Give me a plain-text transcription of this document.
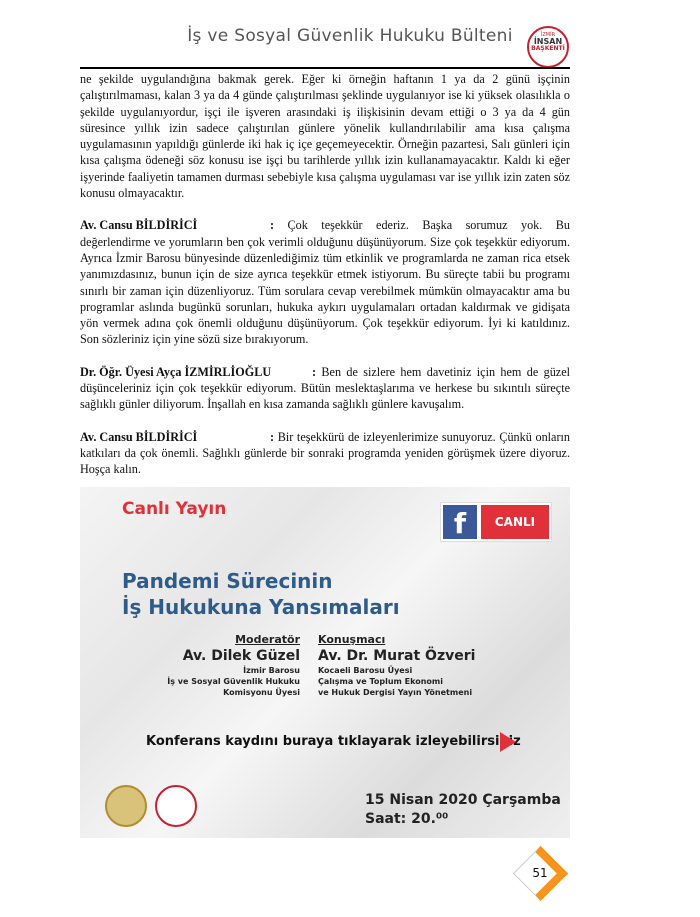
İş ve Sosyal Güvenlik Hukuku Bülteni	İZMİR
İNSAN
BAŞKENTİ

ne şekilde uygulandığına bakmak gerek. Eğer ki örneğin haftanın 1 ya da 2 günü işçinin çalıştırılmaması, kalan 3 ya da 4 günde çalıştırılması şeklinde uygulanıyor ise ki yüksek olasılıkla o şekilde uygulanıyordur, işçi ile işveren arasındaki iş ilişkisinin devam ettiği o 3 ya da 4 gün süresince yıllık izin sadece çalıştırılan günlere yönelik kullandırılabilir ama kısa çalışma uygulamasının yapıldığı günlerde iki hak iç içe geçemeyecektir. Örneğin pazartesi, Salı günleri için kısa çalışma ödeneği söz konusu ise işçi bu tarihlerde yıllık izin kullanamayacaktır. Kaldı ki eğer işyerinde faaliyetin tamamen durması sebebiyle kısa çalışma uygulaması var ise yıllık izin zaten söz konusu olmayacaktır.

Av. Cansu BİLDİRİCİ	: Çok teşekkür ederiz. Başka sorumuz yok. Bu değerlendirme ve yorumların ben çok verimli olduğunu düşünüyorum. Size çok teşekkür ediyorum. Ayrıca İzmir Barosu bünyesinde düzenlediğimiz tüm etkinlik ve programlarda ne zaman rica etsek yanımızdasınız, bunun için de size ayrıca teşekkür etmek istiyorum. Bu süreçte tabii bu programı sınırlı bir zaman için düzenliyoruz. Tüm sorulara cevap verebilmek mümkün olmayacaktır ama bu programlar aslında bugünkü sorunları, hukuka aykırı uygulamaları ortadan kaldırmak ve gidişata yön vermek adına çok önemli olduğunu düşünüyorum. Çok teşekkür ediyorum. İyi ki katıldınız. Son sözleriniz için yine sözü size bırakıyorum.

Dr. Öğr. Üyesi Ayça İZMİRLİOĞLU	: Ben de sizlere hem davetiniz için hem de güzel düşünceleriniz için çok teşekkür ediyorum. Bütün meslektaşlarıma ve herkese bu sıkıntılı süreçte sağlıklı günler diliyorum. İnşallah en kısa zamanda sağlıklı günlere kavuşalım.

Av. Cansu BİLDİRİCİ	: Bir teşekkürü de izleyenlerimize sunuyoruz. Çünkü onların katkıları da çok önemli. Sağlıklı günlerde bir sonraki programda yeniden görüşmek üzere diyoruz. Hoşça kalın.

Canlı Yayın	f	CANLI
Pandemi Sürecinin
İş Hukukuna Yansımaları
Moderatör
Av. Dilek Güzel
İzmir Barosu
İş ve Sosyal Güvenlik Hukuku
Komisyonu Üyesi
Konuşmacı
Av. Dr. Murat Özveri
Kocaeli Barosu Üyesi
Çalışma ve Toplum Ekonomi
ve Hukuk Dergisi Yayın Yönetmeni
Konferans kaydını buraya tıklayarak izleyebilirsiniz
15 Nisan 2020 Çarşamba
Saat: 20.⁰⁰
51
